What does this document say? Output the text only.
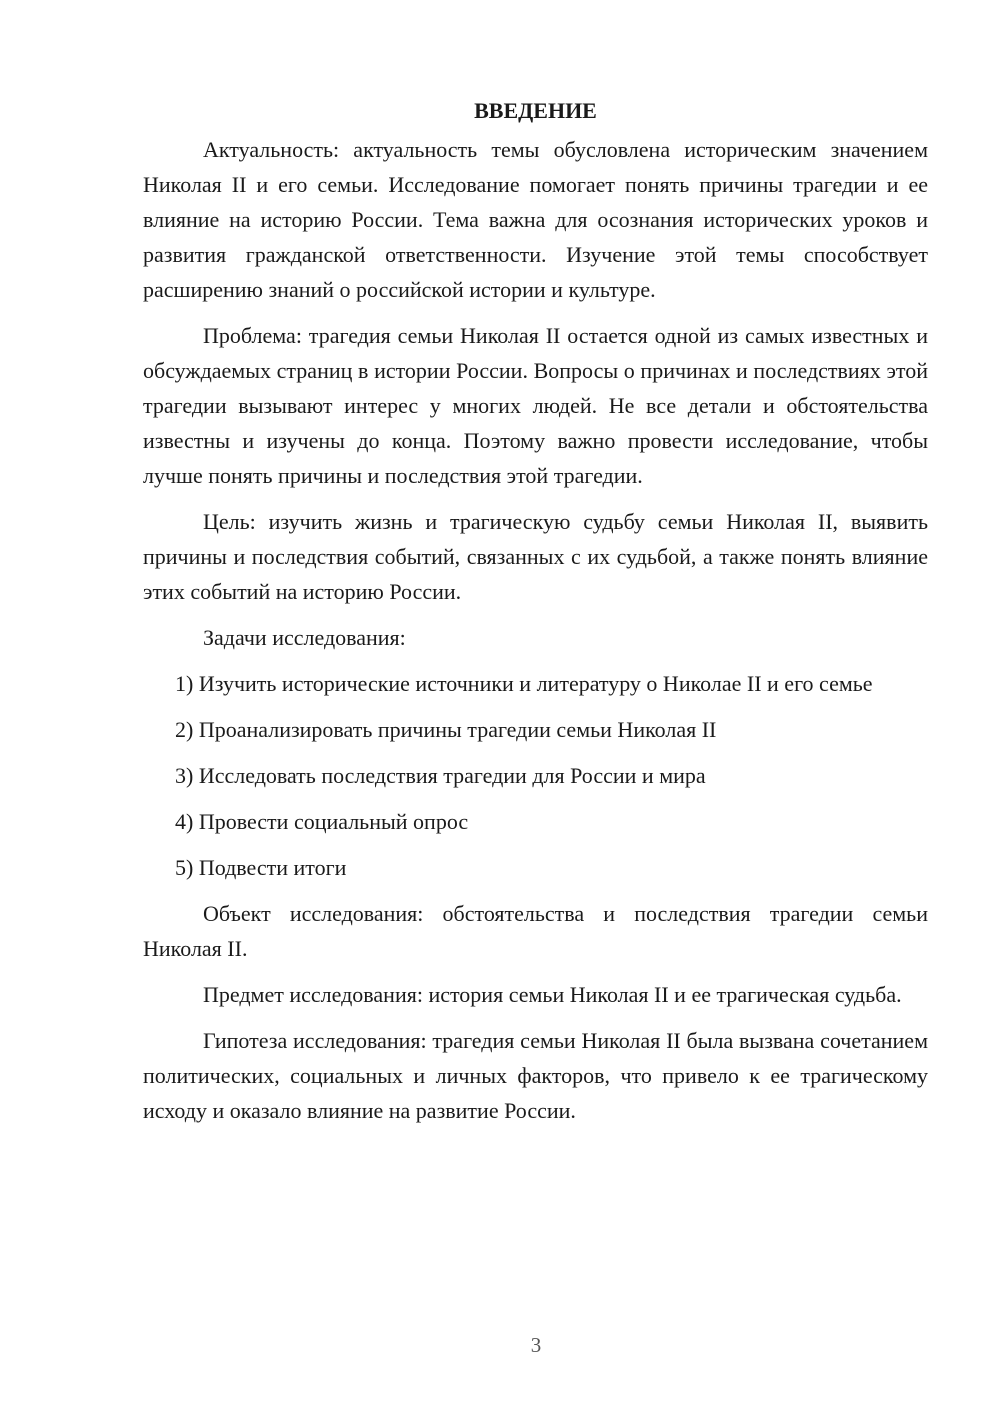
ВВЕДЕНИЕ
Актуальность: актуальность темы обусловлена историческим значением Николая II и его семьи. Исследование помогает понять причины трагедии и ее влияние на историю России. Тема важна для осознания исторических уроков и развития гражданской ответственности. Изучение этой темы способствует расширению знаний о российской истории и культуре.
Проблема: трагедия семьи Николая II остается одной из самых известных и обсуждаемых страниц в истории России. Вопросы о причинах и последствиях этой трагедии вызывают интерес у многих людей. Не все детали и обстоятельства известны и изучены до конца. Поэтому важно провести исследование, чтобы лучше понять причины и последствия этой трагедии.
Цель: изучить жизнь и трагическую судьбу семьи Николая II, выявить причины и последствия событий, связанных с их судьбой, а также понять влияние этих событий на историю России.
Задачи исследования:
1) Изучить исторические источники и литературу о Николае II и его семье
2) Проанализировать причины трагедии семьи Николая II
3) Исследовать последствия трагедии для России и мира
4) Провести социальный опрос
5) Подвести итоги
Объект исследования: обстоятельства и последствия трагедии семьи Николая II.
Предмет исследования: история семьи Николая II и ее трагическая судьба.
Гипотеза исследования: трагедия семьи Николая II была вызвана сочетанием политических, социальных и личных факторов, что привело к ее трагическому исходу и оказало влияние на развитие России.
3
